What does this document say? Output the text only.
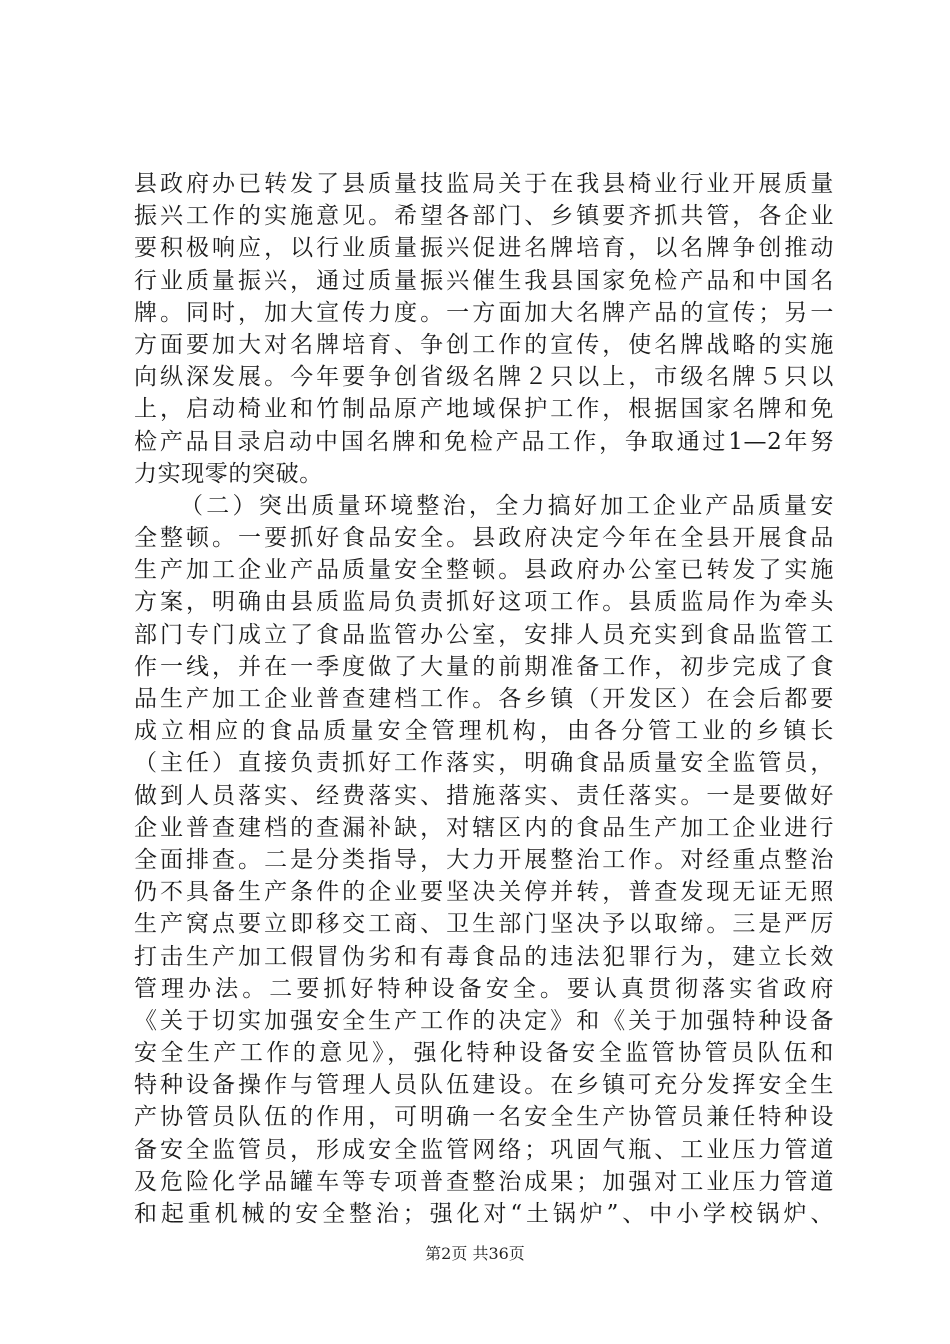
县政府办已转发了县质量技监局关于在我县椅业行业开展质量
振兴工作的实施意见。希望各部门、乡镇要齐抓共管，各企业
要积极响应，以行业质量振兴促进名牌培育，以名牌争创推动
行业质量振兴，通过质量振兴催生我县国家免检产品和中国名
牌。同时，加大宣传力度。一方面加大名牌产品的宣传；另一
方面要加大对名牌培育、争创工作的宣传，使名牌战略的实施
向纵深发展。今年要争创省级名牌２只以上，市级名牌５只以
上，启动椅业和竹制品原产地域保护工作，根据国家名牌和免
检产品目录启动中国名牌和免检产品工作，争取通过1—2年努
力实现零的突破。
（二）突出质量环境整治，全力搞好加工企业产品质量安
全整顿。一要抓好食品安全。县政府决定今年在全县开展食品
生产加工企业产品质量安全整顿。县政府办公室已转发了实施
方案，明确由县质监局负责抓好这项工作。县质监局作为牵头
部门专门成立了食品监管办公室，安排人员充实到食品监管工
作一线，并在一季度做了大量的前期准备工作，初步完成了食
品生产加工企业普查建档工作。各乡镇（开发区）在会后都要
成立相应的食品质量安全管理机构，由各分管工业的乡镇长
（主任）直接负责抓好工作落实，明确食品质量安全监管员，
做到人员落实、经费落实、措施落实、责任落实。一是要做好
企业普查建档的查漏补缺，对辖区内的食品生产加工企业进行
全面排查。二是分类指导，大力开展整治工作。对经重点整治
仍不具备生产条件的企业要坚决关停并转，普查发现无证无照
生产窝点要立即移交工商、卫生部门坚决予以取缔。三是严厉
打击生产加工假冒伪劣和有毒食品的违法犯罪行为，建立长效
管理办法。二要抓好特种设备安全。要认真贯彻落实省政府
《关于切实加强安全生产工作的决定》和《关于加强特种设备
安全生产工作的意见》，强化特种设备安全监管协管员队伍和
特种设备操作与管理人员队伍建设。在乡镇可充分发挥安全生
产协管员队伍的作用，可明确一名安全生产协管员兼任特种设
备安全监管员，形成安全监管网络；巩固气瓶、工业压力管道
及危险化学品罐车等专项普查整治成果；加强对工业压力管道
和起重机械的安全整治；强化对“土锅炉”、中小学校锅炉、
第2页 共36页
